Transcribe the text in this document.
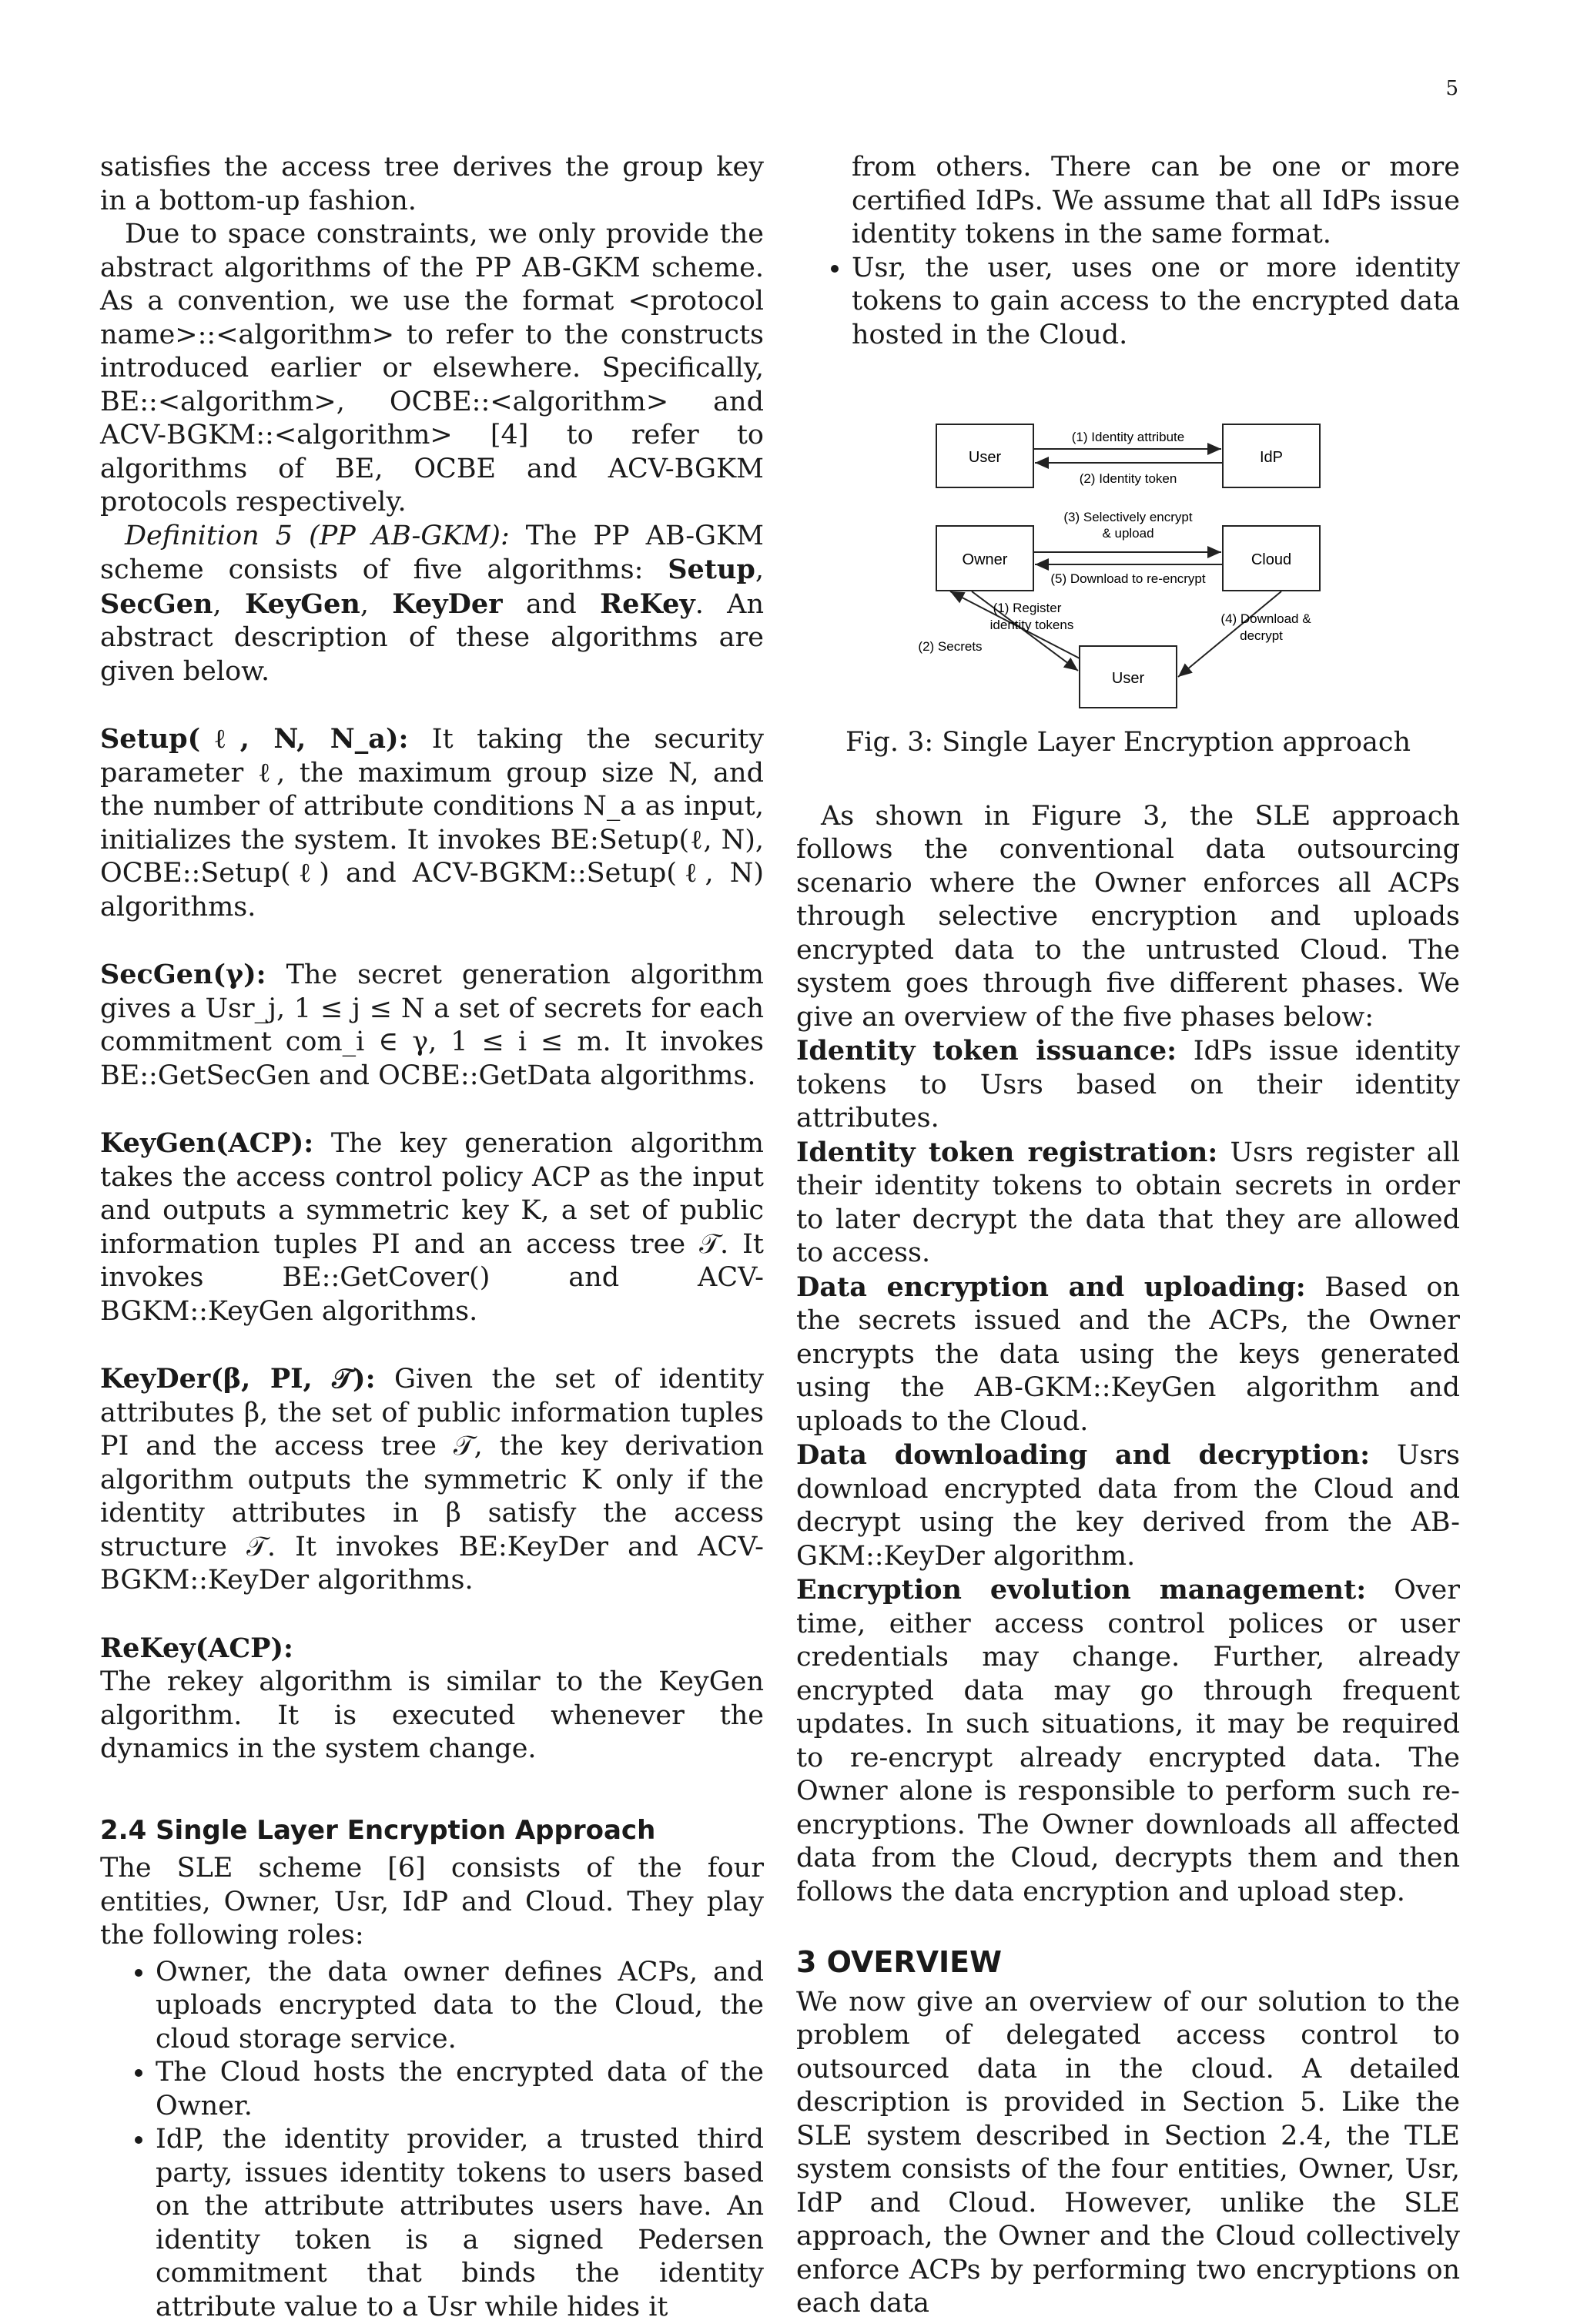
5

satisfies the access tree derives the group key in a bottom-up fashion.

Due to space constraints, we only provide the abstract algorithms of the PP AB-GKM scheme. As a convention, we use the format <protocol name>::<algorithm> to refer to the constructs introduced earlier or elsewhere. Specifically, BE::<algorithm>, OCBE::<algorithm> and ACV-BGKM::<algorithm> [4] to refer to algorithms of BE, OCBE and ACV-BGKM protocols respectively.

Definition 5 (PP AB-GKM): The PP AB-GKM scheme consists of five algorithms: Setup, SecGen, KeyGen, KeyDer and ReKey. An abstract description of these algorithms are given below.

Setup(ℓ, N, N_a): It taking the security parameter ℓ, the maximum group size N, and the number of attribute conditions N_a as input, initializes the system. It invokes BE:Setup(ℓ, N), OCBE::Setup(ℓ) and ACV-BGKM::Setup(ℓ, N) algorithms.

SecGen(γ): The secret generation algorithm gives a Usr_j, 1 ≤ j ≤ N a set of secrets for each commitment com_i ∈ γ, 1 ≤ i ≤ m. It invokes BE::GetSecGen and OCBE::GetData algorithms.

KeyGen(ACP): The key generation algorithm takes the access control policy ACP as the input and outputs a symmetric key K, a set of public information tuples PI and an access tree 𝒯. It invokes BE::GetCover() and ACV-BGKM::KeyGen algorithms.

KeyDer(β, PI, 𝒯): Given the set of identity attributes β, the set of public information tuples PI and the access tree 𝒯, the key derivation algorithm outputs the symmetric K only if the identity attributes in β satisfy the access structure 𝒯. It invokes BE:KeyDer and ACV-BGKM::KeyDer algorithms.

ReKey(ACP):

The rekey algorithm is similar to the KeyGen algorithm. It is executed whenever the dynamics in the system change.

2.4 Single Layer Encryption Approach

The SLE scheme [6] consists of the four entities, Owner, Usr, IdP and Cloud. They play the following roles:

• Owner, the data owner defines ACPs, and uploads encrypted data to the Cloud, the cloud storage service.
• The Cloud hosts the encrypted data of the Owner.
• IdP, the identity provider, a trusted third party, issues identity tokens to users based on the attribute attributes users have. An identity token is a signed Pedersen commitment that binds the identity attribute value to a Usr while hides it
from others. There can be one or more certified IdPs. We assume that all IdPs issue identity tokens in the same format.
• Usr, the user, uses one or more identity tokens to gain access to the encrypted data hosted in the Cloud.
User	IdP
Owner	Cloud
User
(1) Identity attribute
(2) Identity token
(3) Selectively encrypt
& upload
(5) Download to re-encrypt
(1) Register
identity tokens
(2) Secrets
(4) Download &
decrypt
Fig. 3: Single Layer Encryption approach

As shown in Figure 3, the SLE approach follows the conventional data outsourcing scenario where the Owner enforces all ACPs through selective encryption and uploads encrypted data to the untrusted Cloud. The system goes through five different phases. We give an overview of the five phases below:

Identity token issuance: IdPs issue identity tokens to Usrs based on their identity attributes.

Identity token registration: Usrs register all their identity tokens to obtain secrets in order to later decrypt the data that they are allowed to access.

Data encryption and uploading: Based on the secrets issued and the ACPs, the Owner encrypts the data using the keys generated using the AB-GKM::KeyGen algorithm and uploads to the Cloud.

Data downloading and decryption: Usrs download encrypted data from the Cloud and decrypt using the key derived from the AB-GKM::KeyDer algorithm.

Encryption evolution management: Over time, either access control polices or user credentials may change. Further, already encrypted data may go through frequent updates. In such situations, it may be required to re-encrypt already encrypted data. The Owner alone is responsible to perform such re-encryptions. The Owner downloads all affected data from the Cloud, decrypts them and then follows the data encryption and upload step.

3 OVERVIEW

We now give an overview of our solution to the problem of delegated access control to outsourced data in the cloud. A detailed description is provided in Section 5. Like the SLE system described in Section 2.4, the TLE system consists of the four entities, Owner, Usr, IdP and Cloud. However, unlike the SLE approach, the Owner and the Cloud collectively enforce ACPs by performing two encryptions on each data
